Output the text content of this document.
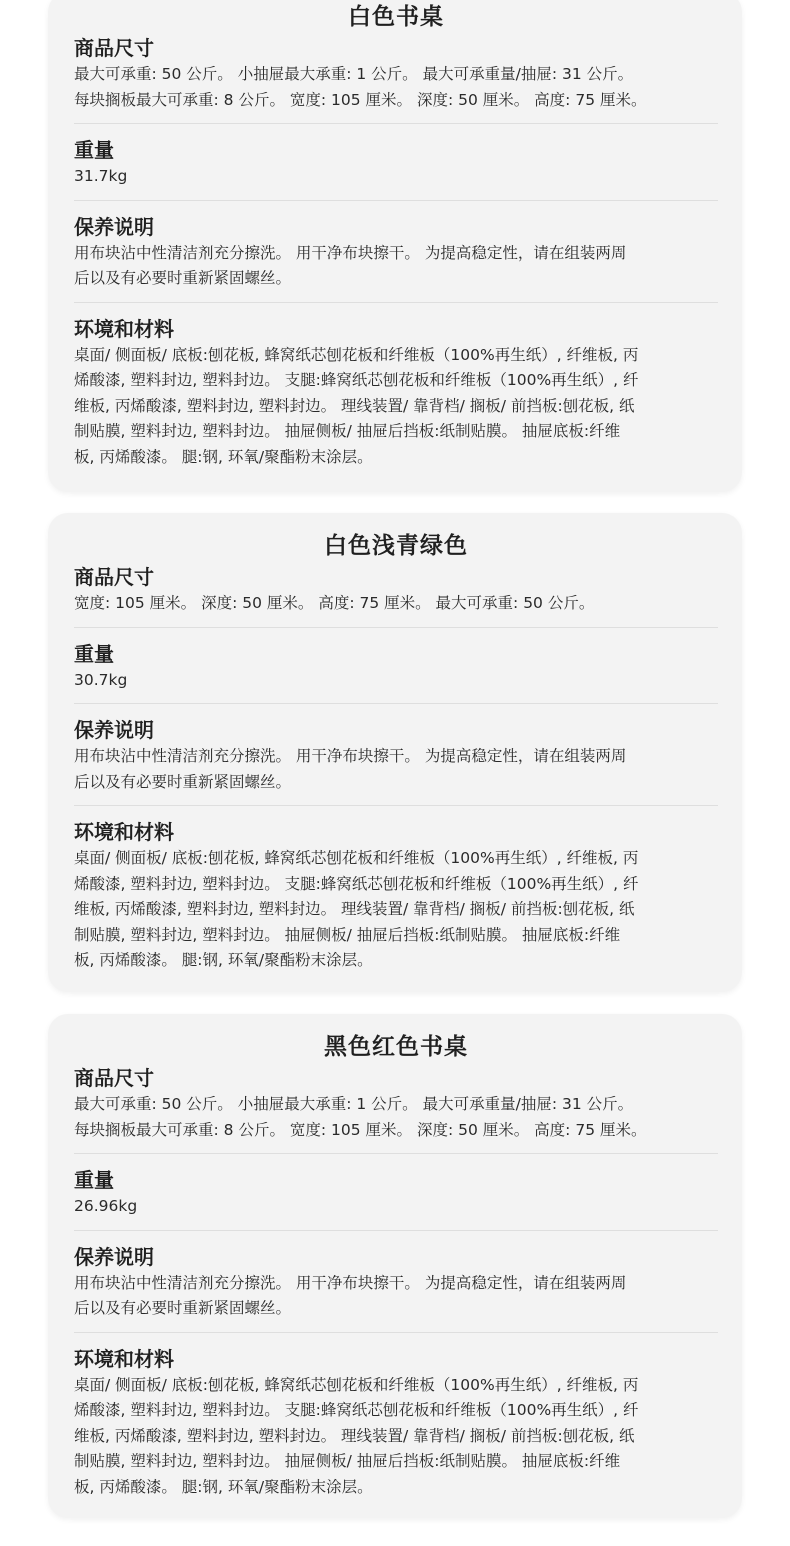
白色书桌
商品尺寸
最大可承重: 50 公斤。 小抽屉最大承重: 1 公斤。 最大可承重量/抽屉: 31 公斤。
每块搁板最大可承重: 8 公斤。 宽度: 105 厘米。 深度: 50 厘米。 高度: 75 厘米。
重量
31.7kg
保养说明
用布块沾中性清洁剂充分擦洗。 用干净布块擦干。 为提高稳定性，请在组装两周
后以及有必要时重新紧固螺丝。
环境和材料
桌面/ 侧面板/ 底板:刨花板, 蜂窝纸芯刨花板和纤维板（100%再生纸）, 纤维板, 丙
烯酸漆, 塑料封边, 塑料封边。 支腿:蜂窝纸芯刨花板和纤维板（100%再生纸）, 纤
维板, 丙烯酸漆, 塑料封边, 塑料封边。 理线装置/ 靠背档/ 搁板/ 前挡板:刨花板, 纸
制贴膜, 塑料封边, 塑料封边。 抽屉侧板/ 抽屉后挡板:纸制贴膜。 抽屉底板:纤维
板, 丙烯酸漆。 腿:钢, 环氧/聚酯粉末涂层。
白色浅青绿色
商品尺寸
宽度: 105 厘米。 深度: 50 厘米。 高度: 75 厘米。 最大可承重: 50 公斤。
重量
30.7kg
保养说明
用布块沾中性清洁剂充分擦洗。 用干净布块擦干。 为提高稳定性，请在组装两周
后以及有必要时重新紧固螺丝。
环境和材料
桌面/ 侧面板/ 底板:刨花板, 蜂窝纸芯刨花板和纤维板（100%再生纸）, 纤维板, 丙
烯酸漆, 塑料封边, 塑料封边。 支腿:蜂窝纸芯刨花板和纤维板（100%再生纸）, 纤
维板, 丙烯酸漆, 塑料封边, 塑料封边。 理线装置/ 靠背档/ 搁板/ 前挡板:刨花板, 纸
制贴膜, 塑料封边, 塑料封边。 抽屉侧板/ 抽屉后挡板:纸制贴膜。 抽屉底板:纤维
板, 丙烯酸漆。 腿:钢, 环氧/聚酯粉末涂层。
黑色红色书桌
商品尺寸
最大可承重: 50 公斤。 小抽屉最大承重: 1 公斤。 最大可承重量/抽屉: 31 公斤。
每块搁板最大可承重: 8 公斤。 宽度: 105 厘米。 深度: 50 厘米。 高度: 75 厘米。
重量
26.96kg
保养说明
用布块沾中性清洁剂充分擦洗。 用干净布块擦干。 为提高稳定性，请在组装两周
后以及有必要时重新紧固螺丝。
环境和材料
桌面/ 侧面板/ 底板:刨花板, 蜂窝纸芯刨花板和纤维板（100%再生纸）, 纤维板, 丙
烯酸漆, 塑料封边, 塑料封边。 支腿:蜂窝纸芯刨花板和纤维板（100%再生纸）, 纤
维板, 丙烯酸漆, 塑料封边, 塑料封边。 理线装置/ 靠背档/ 搁板/ 前挡板:刨花板, 纸
制贴膜, 塑料封边, 塑料封边。 抽屉侧板/ 抽屉后挡板:纸制贴膜。 抽屉底板:纤维
板, 丙烯酸漆。 腿:钢, 环氧/聚酯粉末涂层。
